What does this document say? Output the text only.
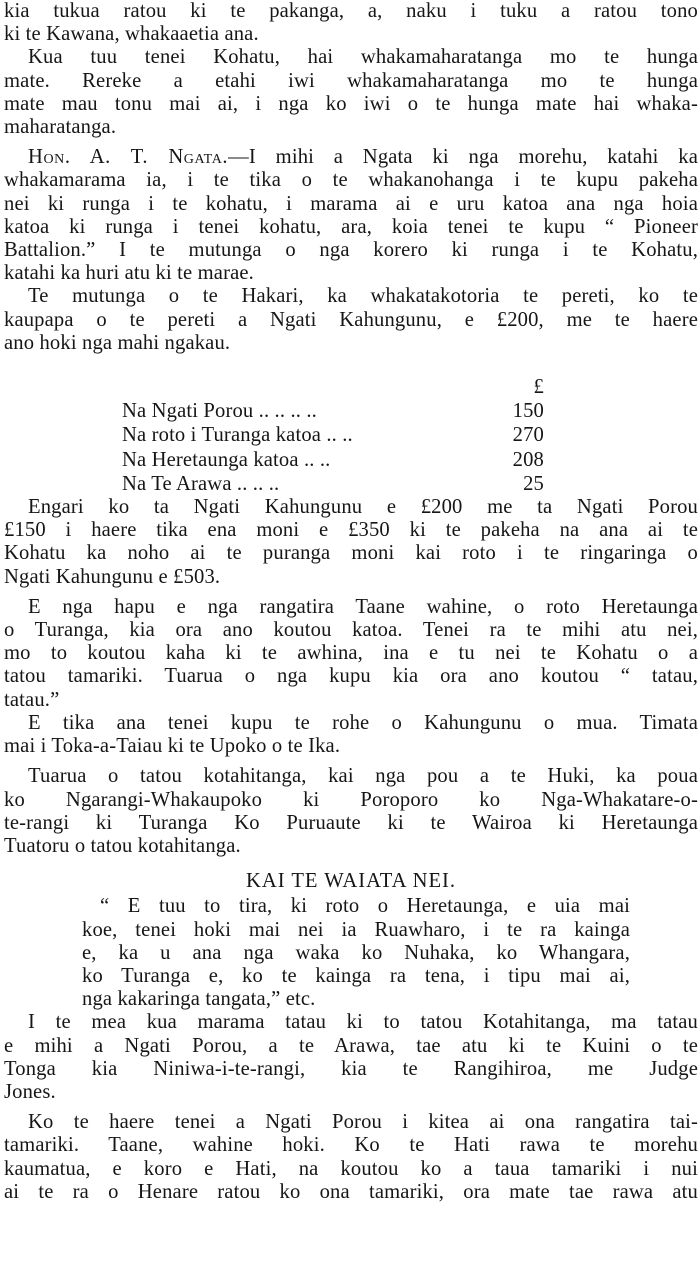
kia tukua ratou ki te pakanga, a, naku i tuku a ratou tono
ki te Kawana, whakaaetia ana.
Kua tuu tenei Kohatu, hai whakamaharatanga mo te hunga
mate. Rereke a etahi iwi whakamaharatanga mo te hunga
mate mau tonu mai ai, i nga ko iwi o te hunga mate hai whaka-
maharatanga.
Hon. A. T. Ngata.—I mihi a Ngata ki nga morehu, katahi ka
whakamarama ia, i te tika o te whakanohanga i te kupu pakeha
nei ki runga i te kohatu, i marama ai e uru katoa ana nga hoia
katoa ki runga i tenei kohatu, ara, koia tenei te kupu “ Pioneer
Battalion.” I te mutunga o nga korero ki runga i te Kohatu,
katahi ka huri atu ki te marae.
Te mutunga o te Hakari, ka whakatakotoria te pereti, ko te
kaupapa o te pereti a Ngati Kahungunu, e £200, me te haere
ano hoki nga mahi ngakau.
	£
Na Ngati Porou .. .. .. ..	150
Na roto i Turanga katoa .. ..	270
Na Heretaunga katoa .. ..	208
Na Te Arawa .. .. ..	25
Engari ko ta Ngati Kahungunu e £200 me ta Ngati Porou
£150 i haere tika ena moni e £350 ki te pakeha na ana ai te
Kohatu ka noho ai te puranga moni kai roto i te ringaringa o
Ngati Kahungunu e £503.
E nga hapu e nga rangatira Taane wahine, o roto Heretaunga
o Turanga, kia ora ano koutou katoa. Tenei ra te mihi atu nei,
mo to koutou kaha ki te awhina, ina e tu nei te Kohatu o a
tatou tamariki. Tuarua o nga kupu kia ora ano koutou “ tatau,
tatau.”
E tika ana tenei kupu te rohe o Kahungunu o mua. Timata
mai i Toka-a-Taiau ki te Upoko o te Ika.
Tuarua o tatou kotahitanga, kai nga pou a te Huki, ka poua
ko Ngarangi-Whakaupoko ki Poroporo ko Nga-Whakatare-o-
te-rangi ki Turanga Ko Puruaute ki te Wairoa ki Heretaunga
Tuatoru o tatou kotahitanga.
KAI TE WAIATA NEI.
“ E tuu to tira, ki roto o Heretaunga, e uia mai
koe, tenei hoki mai nei ia Ruawharo, i te ra kainga
e, ka u ana nga waka ko Nuhaka, ko Whangara,
ko Turanga e, ko te kainga ra tena, i tipu mai ai,
nga kakaringa tangata,” etc.
I te mea kua marama tatau ki to tatou Kotahitanga, ma tatau
e mihi a Ngati Porou, a te Arawa, tae atu ki te Kuini o te
Tonga kia Niniwa-i-te-rangi, kia te Rangihiroa, me Judge
Jones.
Ko te haere tenei a Ngati Porou i kitea ai ona rangatira tai-
tamariki. Taane, wahine hoki. Ko te Hati rawa te morehu
kaumatua, e koro e Hati, na koutou ko a taua tamariki i nui
ai te ra o Henare ratou ko ona tamariki, ora mate tae rawa atu
